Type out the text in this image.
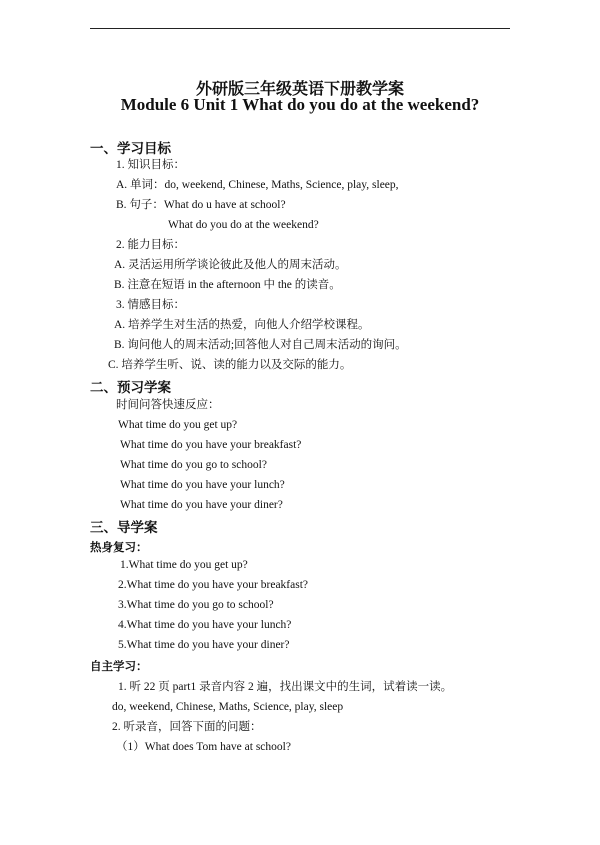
外研版三年级英语下册教学案
Module 6 Unit 1 What do you do at the weekend?
一、学习目标
1. 知识目标：
A. 单词：do, weekend, Chinese, Maths, Science, play, sleep,
B. 句子：What do u have at school?
What do you do at the weekend?
2. 能力目标：
A. 灵活运用所学谈论彼此及他人的周末活动。
B. 注意在短语 in the afternoon 中 the 的读音。
3. 情感目标：
A. 培养学生对生活的热爱，向他人介绍学校课程。
B. 询问他人的周末活动;回答他人对自己周末活动的询问。
C. 培养学生听、说、读的能力以及交际的能力。
二、预习学案
时间问答快速反应：
What time do you get up?
What time do you have your breakfast?
What time do you go to school?
What time do you have your lunch?
What time do you have your diner?
三、导学案
热身复习：
1.What time do you get up?
2.What time do you have your breakfast?
3.What time do you go to school?
4.What time do you have your lunch?
5.What time do you have your diner?
自主学习：
1. 听 22 页 part1 录音内容 2 遍，找出课文中的生词，试着读一读。
do, weekend, Chinese, Maths, Science, play, sleep
2. 听录音，回答下面的问题：
（1）What does Tom have at school?
